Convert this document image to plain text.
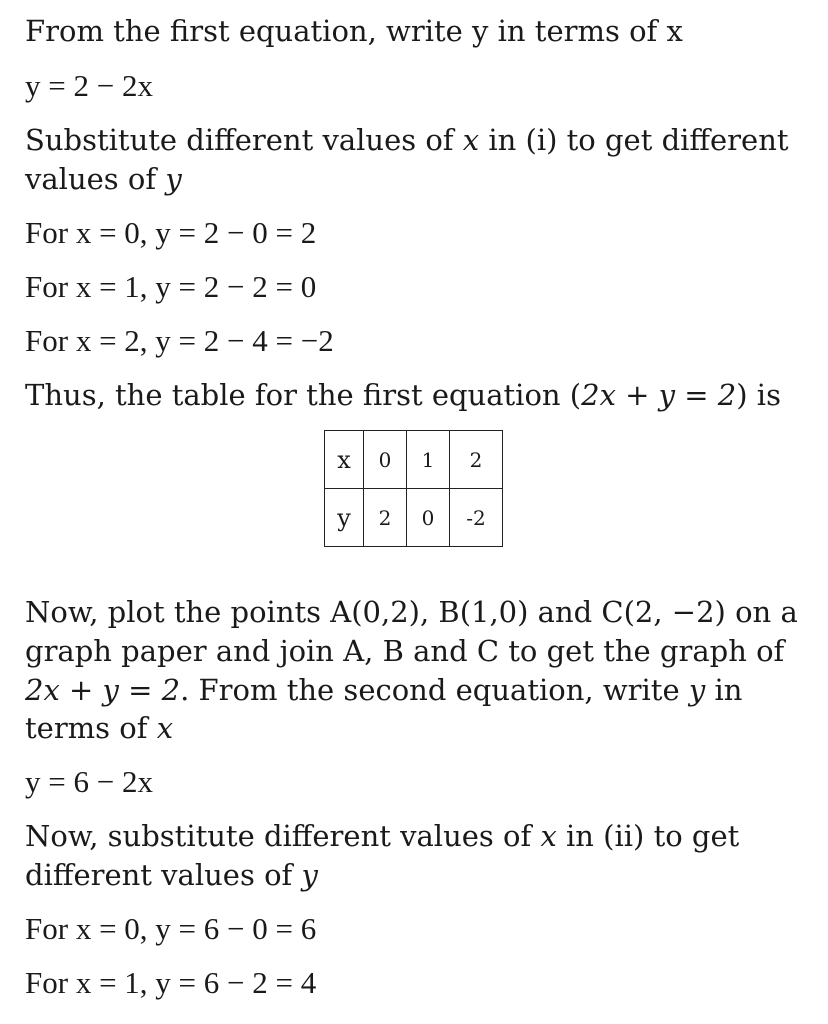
From the first equation, write y in terms of x
y = 2 − 2x
Substitute different values of x in (i) to get different
values of y
For x = 0, y = 2 − 0 = 2
For x = 1, y = 2 − 2 = 0
For x = 2, y = 2 − 4 = −2
Thus, the table for the first equation (2x + y = 2) is
x	0	1	2
y	2	0	-2
Now, plot the points A(0,2), B(1,0) and C(2, −2) on a
graph paper and join A, B and C to get the graph of
2x + y = 2. From the second equation, write y in
terms of x
y = 6 − 2x
Now, substitute different values of x in (ii) to get
different values of y
For x = 0, y = 6 − 0 = 6
For x = 1, y = 6 − 2 = 4
